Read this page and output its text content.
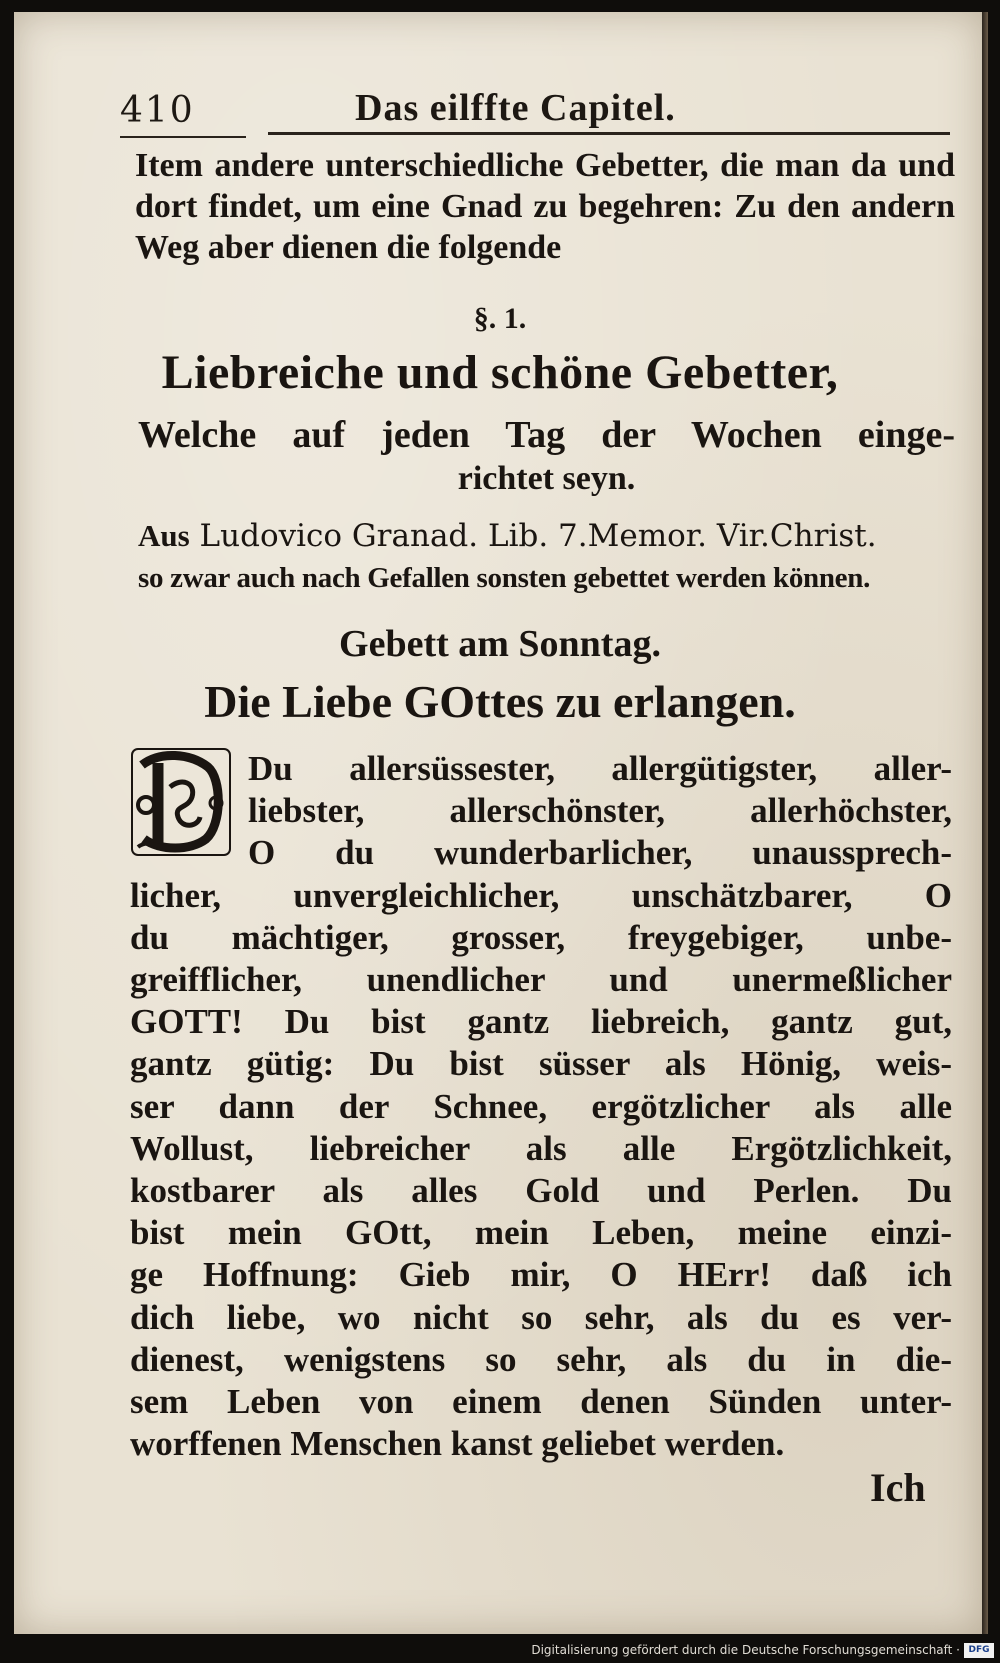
410	Das eilffte Capitel.
Item andere unterschiedliche Gebetter, die man da und
dort findet, um eine Gnad zu begehren: Zu den andern
Weg aber dienen die folgende
§. 1.
Liebreiche und schöne Gebetter,
Welche auf jeden Tag der Wochen einge-
richtet seyn.
Aus Ludovico Granad. Lib. 7.Memor. Vir.Christ.
so zwar auch nach Gefallen sonsten gebettet werden können.
Gebett am Sonntag.
Die Liebe GOttes zu erlangen.
Du allersüssester, allergütigster, aller-
liebster, allerschönster, allerhöchster,
O du wunderbarlicher, unaussprech-
licher, unvergleichlicher, unschätzbarer, O
du mächtiger, grosser, freygebiger, unbe-
greifflicher, unendlicher und unermeßlicher
GOTT! Du bist gantz liebreich, gantz gut,
gantz gütig: Du bist süsser als Hönig, weis-
ser dann der Schnee, ergötzlicher als alle
Wollust, liebreicher als alle Ergötzlichkeit,
kostbarer als alles Gold und Perlen. Du
bist mein GOtt, mein Leben, meine einzi-
ge Hoffnung: Gieb mir, O HErr! daß ich
dich liebe, wo nicht so sehr, als du es ver-
dienest, wenigstens so sehr, als du in die-
sem Leben von einem denen Sünden unter-
worffenen Menschen kanst geliebet werden.
Ich
Digitalisierung gefördert durch die Deutsche Forschungsgemeinschaft · DFG
